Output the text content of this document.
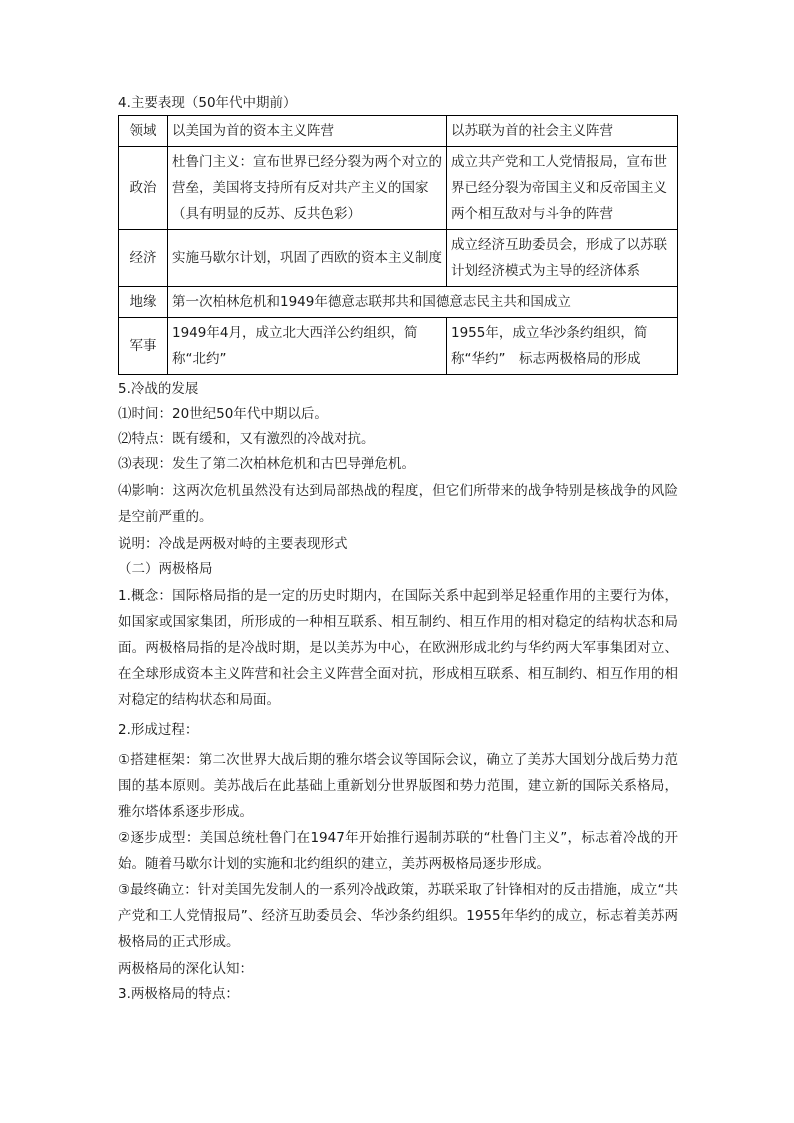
4.主要表现（50年代中期前）
领域	以美国为首的资本主义阵营	以苏联为首的社会主义阵营
政治	杜鲁门主义：宣布世界已经分裂为两个对立的营垒，美国将支持所有反对共产主义的国家（具有明显的反苏、反共色彩）	成立共产党和工人党情报局，宣布世界已经分裂为帝国主义和反帝国主义两个相互敌对与斗争的阵营
经济	实施马歇尔计划，巩固了西欧的资本主义制度	成立经济互助委员会，形成了以苏联计划经济模式为主导的经济体系
地缘	第一次柏林危机和1949年德意志联邦共和国德意志民主共和国成立	
军事	1949年4月，成立北大西洋公约组织，简称“北约”	1955年，成立华沙条约组织，简称“华约”　标志两极格局的形成
5.冷战的发展
⑴时间：20世纪50年代中期以后。
⑵特点：既有缓和，又有激烈的冷战对抗。
⑶表现：发生了第二次柏林危机和古巴导弹危机。
⑷影响：这两次危机虽然没有达到局部热战的程度，但它们所带来的战争特别是核战争的风险是空前严重的。
说明：冷战是两极对峙的主要表现形式
（二）两极格局
1.概念：国际格局指的是一定的历史时期内，在国际关系中起到举足轻重作用的主要行为体，如国家或国家集团，所形成的一种相互联系、相互制约、相互作用的相对稳定的结构状态和局面。两极格局指的是冷战时期，是以美苏为中心，在欧洲形成北约与华约两大军事集团对立、在全球形成资本主义阵营和社会主义阵营全面对抗，形成相互联系、相互制约、相互作用的相对稳定的结构状态和局面。
2.形成过程：
①搭建框架：第二次世界大战后期的雅尔塔会议等国际会议，确立了美苏大国划分战后势力范围的基本原则。美苏战后在此基础上重新划分世界版图和势力范围，建立新的国际关系格局，雅尔塔体系逐步形成。
②逐步成型：美国总统杜鲁门在1947年开始推行遏制苏联的“杜鲁门主义”，标志着冷战的开始。随着马歇尔计划的实施和北约组织的建立，美苏两极格局逐步形成。
③最终确立：针对美国先发制人的一系列冷战政策，苏联采取了针锋相对的反击措施，成立“共产党和工人党情报局”、经济互助委员会、华沙条约组织。1955年华约的成立，标志着美苏两极格局的正式形成。
两极格局的深化认知：
3.两极格局的特点：
